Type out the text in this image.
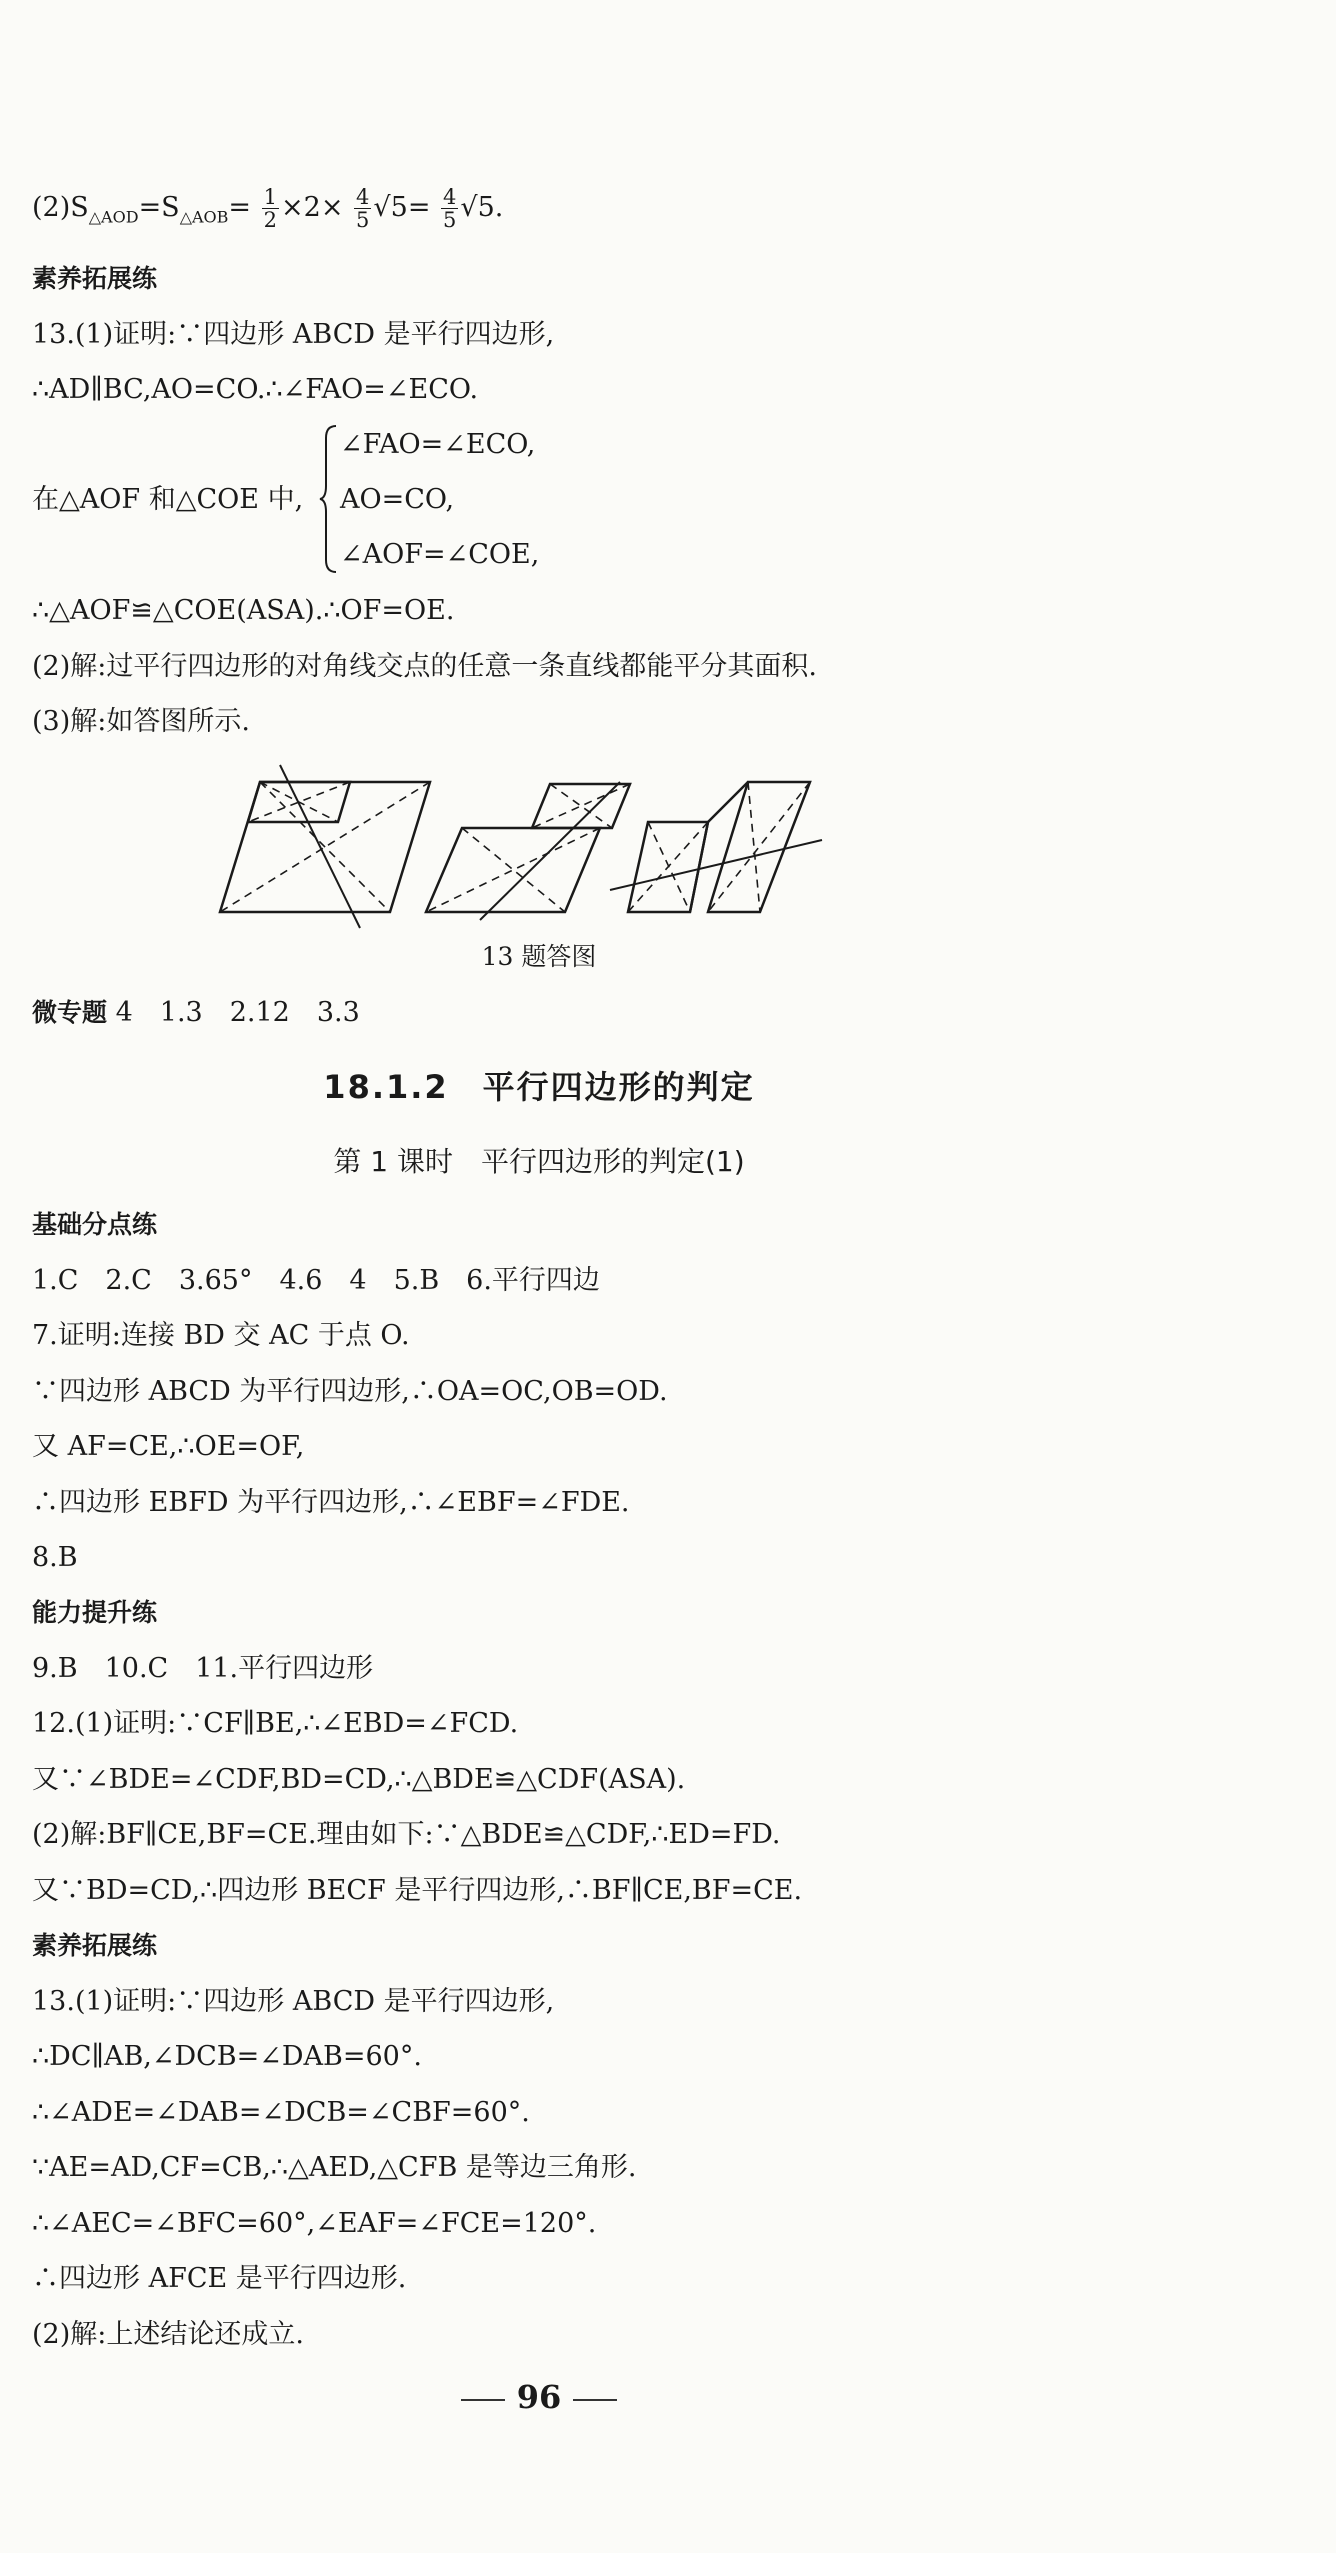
$(2)S_{\triangle AOD}=S_{\triangle AOB}= \frac{1}{2} \times 2\times \frac{4}{5} √5= \frac{4}{5} √5$.
素养拓展练
13.(1)证明:∵四边形 ABCD 是平行四边形,
∴AD∥BC,AO=CO.∴∠FAO=∠ECO.
在△AOF 和△COE 中,
∠FAO=∠ECO,
AO=CO,
∠AOF=∠COE,
∴△AOF≌△COE(ASA).∴OF=OE.
(2)解:过平行四边形的对角线交点的任意一条直线都能平分其面积.
(3)解:如答图所示.
13 题答图
微专题 4　1.3　2.12　3.3
18.1.2　平行四边形的判定
第 1 课时　平行四边形的判定(1)
基础分点练
1.C　2.C　3.65°　4.6　4　5.B　6.平行四边
7.证明:连接 BD 交 AC 于点 O.
∵四边形 ABCD 为平行四边形,∴OA=OC,OB=OD.
又 AF=CE,∴OE=OF,
∴四边形 EBFD 为平行四边形,∴∠EBF=∠FDE.
8.B
能力提升练
9.B　10.C　11.平行四边形
12.(1)证明:∵CF∥BE,∴∠EBD=∠FCD.
又∵∠BDE=∠CDF,BD=CD,∴△BDE≌△CDF(ASA).
(2)解:BF∥CE,BF=CE.理由如下:∵△BDE≌△CDF,∴ED=FD.
又∵BD=CD,∴四边形 BECF 是平行四边形,∴BF∥CE,BF=CE.
素养拓展练
13.(1)证明:∵四边形 ABCD 是平行四边形,
∴DC∥AB,∠DCB=∠DAB=60°.
∴∠ADE=∠DAB=∠DCB=∠CBF=60°.
∵AE=AD,CF=CB,∴△AED,△CFB 是等边三角形.
∴∠AEC=∠BFC=60°,∠EAF=∠FCE=120°.
∴四边形 AFCE 是平行四边形.
(2)解:上述结论还成立.
96
